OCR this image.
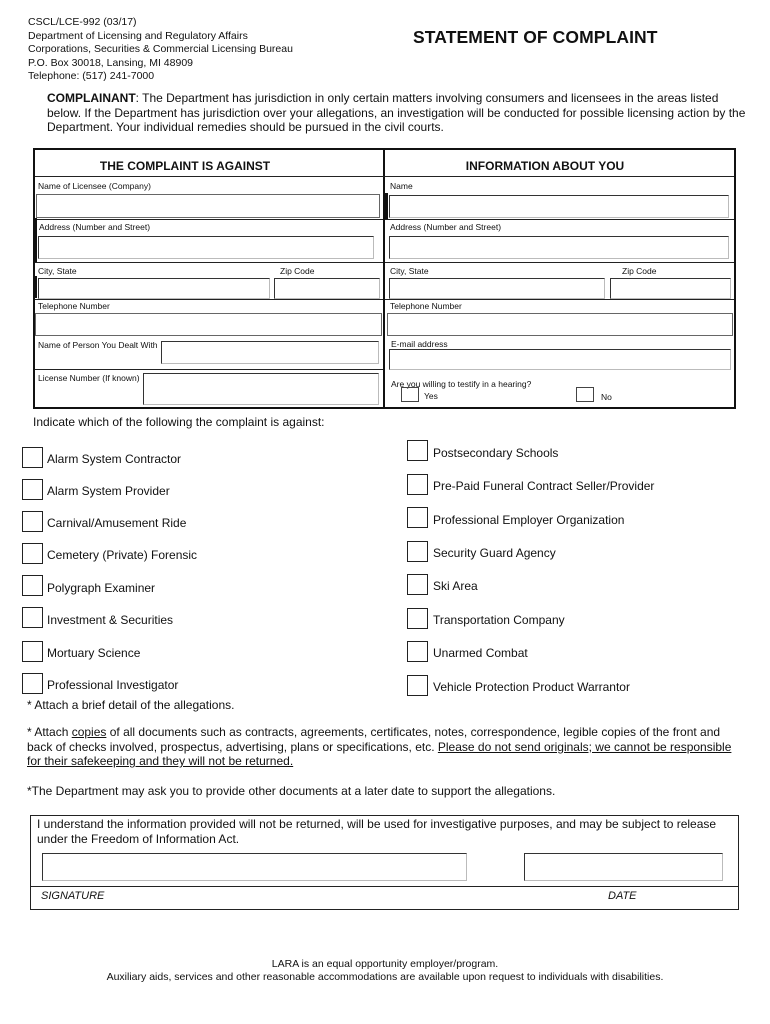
CSCL/LCE-992 (03/17)
Department of Licensing and Regulatory Affairs
Corporations, Securities & Commercial Licensing Bureau
P.O. Box 30018, Lansing, MI 48909
Telephone: (517) 241-7000
STATEMENT OF COMPLAINT
COMPLAINANT: The Department has jurisdiction in only certain matters involving consumers and licensees in the areas listed below. If the Department has jurisdiction over your allegations, an investigation will be conducted for possible licensing action by the Department. Your individual remedies should be pursued in the civil courts.
THE COMPLAINT IS AGAINST	INFORMATION ABOUT YOU
Name of Licensee (Company)
Address (Number and Street)
City, State	Zip Code
Telephone Number
Name of Person You Dealt With
License Number (If known)
Name
Address (Number and Street)
City, State	Zip Code
Telephone Number
E-mail address
Are you willing to testify in a hearing?
Yes	No
Indicate which of the following the complaint is against:
Alarm System Contractor
Alarm System Provider
Carnival/Amusement Ride
Cemetery (Private) Forensic
Polygraph Examiner
Investment & Securities
Mortuary Science
Professional Investigator
Postsecondary Schools
Pre-Paid Funeral Contract Seller/Provider
Professional Employer Organization
Security Guard Agency
Ski Area
Transportation Company
Unarmed Combat
Vehicle Protection Product Warrantor
* Attach a brief detail of the allegations.
* Attach copies of all documents such as contracts, agreements, certificates, notes, correspondence, legible copies of the front and back of checks involved, prospectus, advertising, plans or specifications, etc. Please do not send originals; we cannot be responsible for their safekeeping and they will not be returned.
*The Department may ask you to provide other documents at a later date to support the allegations.
I understand the information provided will not be returned, will be used for investigative purposes, and may be subject to release under the Freedom of Information Act.
SIGNATURE	DATE
LARA is an equal opportunity employer/program.
Auxiliary aids, services and other reasonable accommodations are available upon request to individuals with disabilities.
